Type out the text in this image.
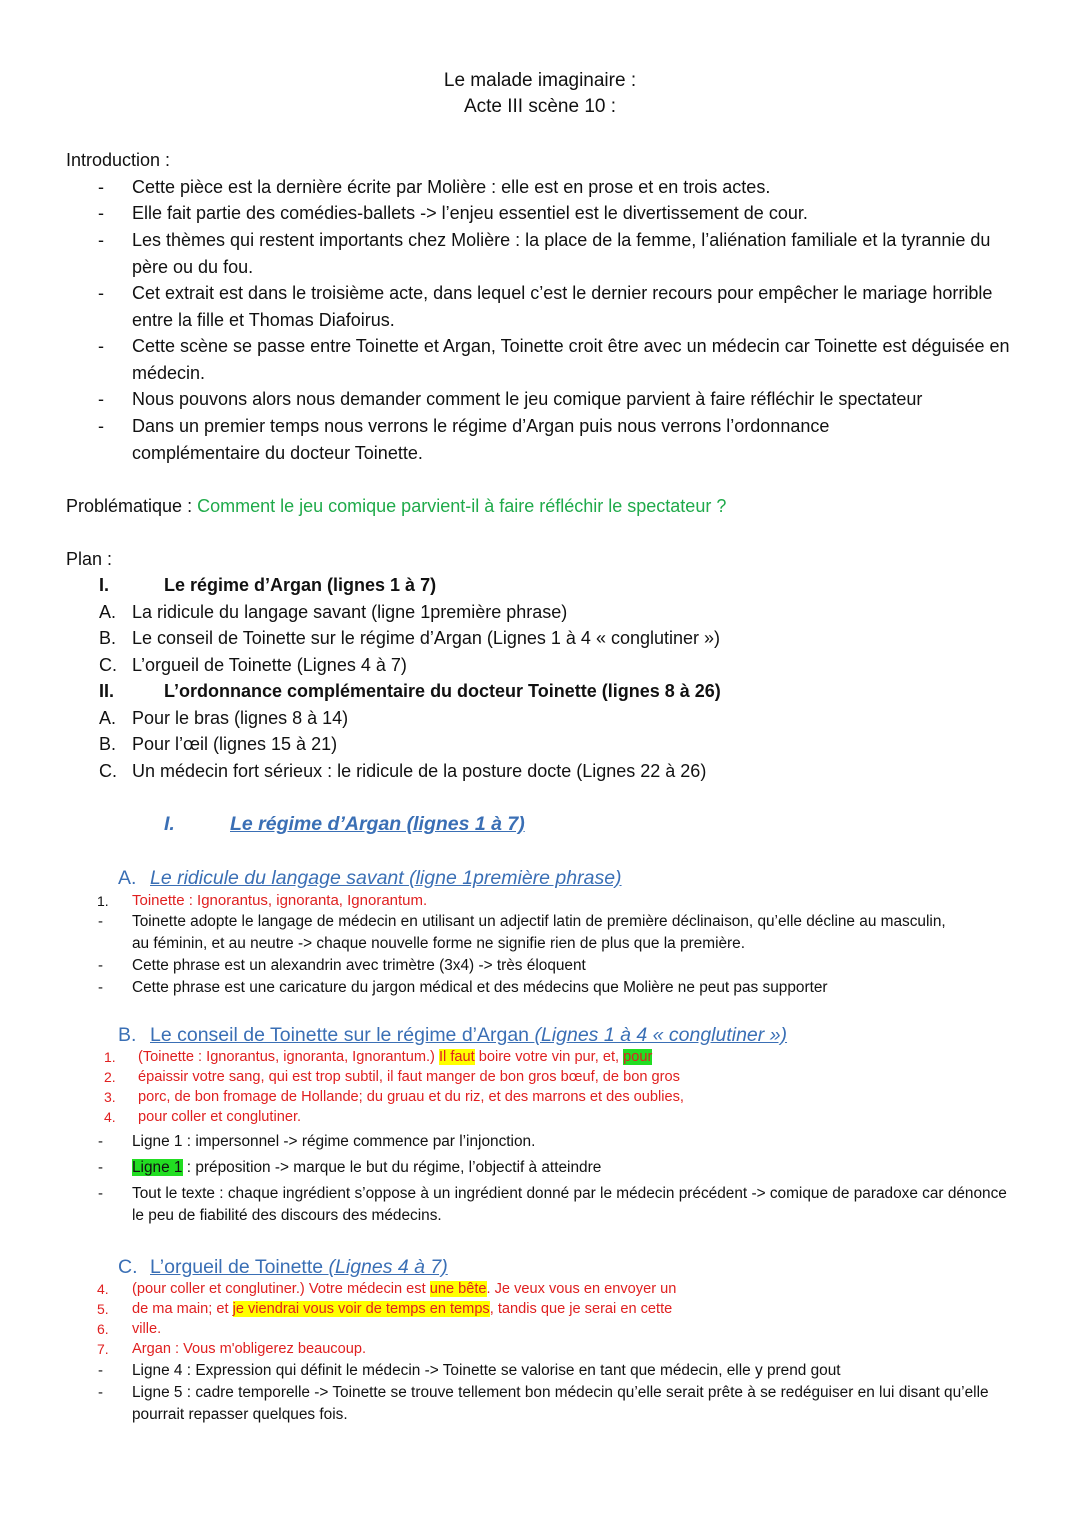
Le malade imaginaire :
Acte III scène 10 :
Introduction :
- Cette pièce est la dernière écrite par Molière : elle est en prose et en trois actes.
- Elle fait partie des comédies-ballets -> l’enjeu essentiel est le divertissement de cour.
- Les thèmes qui restent importants chez Molière : la place de la femme, l’aliénation familiale et la tyrannie du père ou du fou.
- Cet extrait est dans le troisième acte, dans lequel c’est le dernier recours pour empêcher le mariage horrible entre la fille et Thomas Diafoirus.
- Cette scène se passe entre Toinette et Argan, Toinette croit être avec un médecin car Toinette est déguisée en médecin.
- Nous pouvons alors nous demander comment le jeu comique parvient à faire réfléchir le spectateur
- Dans un premier temps nous verrons le régime d’Argan puis nous verrons l’ordonnance complémentaire du docteur Toinette.
Problématique : Comment le jeu comique parvient-il à faire réfléchir le spectateur ?
Plan :
I.	Le régime d’Argan (lignes 1 à 7)
A. La ridicule du langage savant (ligne 1première phrase)
B. Le conseil de Toinette sur le régime d’Argan (Lignes 1 à 4 « conglutiner »)
C. L’orgueil de Toinette (Lignes 4 à 7)
II.	L’ordonnance complémentaire du docteur Toinette (lignes 8 à 26)
A. Pour le bras (lignes 8 à 14)
B. Pour l’œil (lignes 15 à 21)
C. Un médecin fort sérieux : le ridicule de la posture docte (Lignes 22 à 26)
I.	Le régime d’Argan (lignes 1 à 7)
A. Le ridicule du langage savant (ligne 1première phrase)
1. Toinette : Ignorantus, ignoranta, Ignorantum.
- Toinette adopte le langage de médecin en utilisant un adjectif latin de première déclinaison, qu’elle décline au masculin, au féminin, et au neutre -> chaque nouvelle forme ne signifie rien de plus que la première.
- Cette phrase est un alexandrin avec trimètre (3x4) -> très éloquent
- Cette phrase est une caricature du jargon médical et des médecins que Molière ne peut pas supporter
B. Le conseil de Toinette sur le régime d’Argan (Lignes 1 à 4 « conglutiner »)
1. (Toinette : Ignorantus, ignoranta, Ignorantum.) Il faut boire votre vin pur, et, pour
2. épaissir votre sang, qui est trop subtil, il faut manger de bon gros bœuf, de bon gros
3. porc, de bon fromage de Hollande; du gruau et du riz, et des marrons et des oublies,
4. pour coller et conglutiner.
- Ligne 1 : impersonnel -> régime commence par l’injonction.
- Ligne 1 : préposition -> marque le but du régime, l’objectif à atteindre
- Tout le texte : chaque ingrédient s’oppose à un ingrédient donné par le médecin précédent -> comique de paradoxe car dénonce le peu de fiabilité des discours des médecins.
C. L’orgueil de Toinette (Lignes 4 à 7)
4. (pour coller et conglutiner.) Votre médecin est une bête. Je veux vous en envoyer un
5. de ma main; et je viendrai vous voir de temps en temps, tandis que je serai en cette
6. ville.
7. Argan : Vous m'obligerez beaucoup.
- Ligne 4 : Expression qui définit le médecin -> Toinette se valorise en tant que médecin, elle y prend gout
- Ligne 5 : cadre temporelle -> Toinette se trouve tellement bon médecin qu’elle serait prête à se redéguiser en lui disant qu’elle pourrait repasser quelques fois.
